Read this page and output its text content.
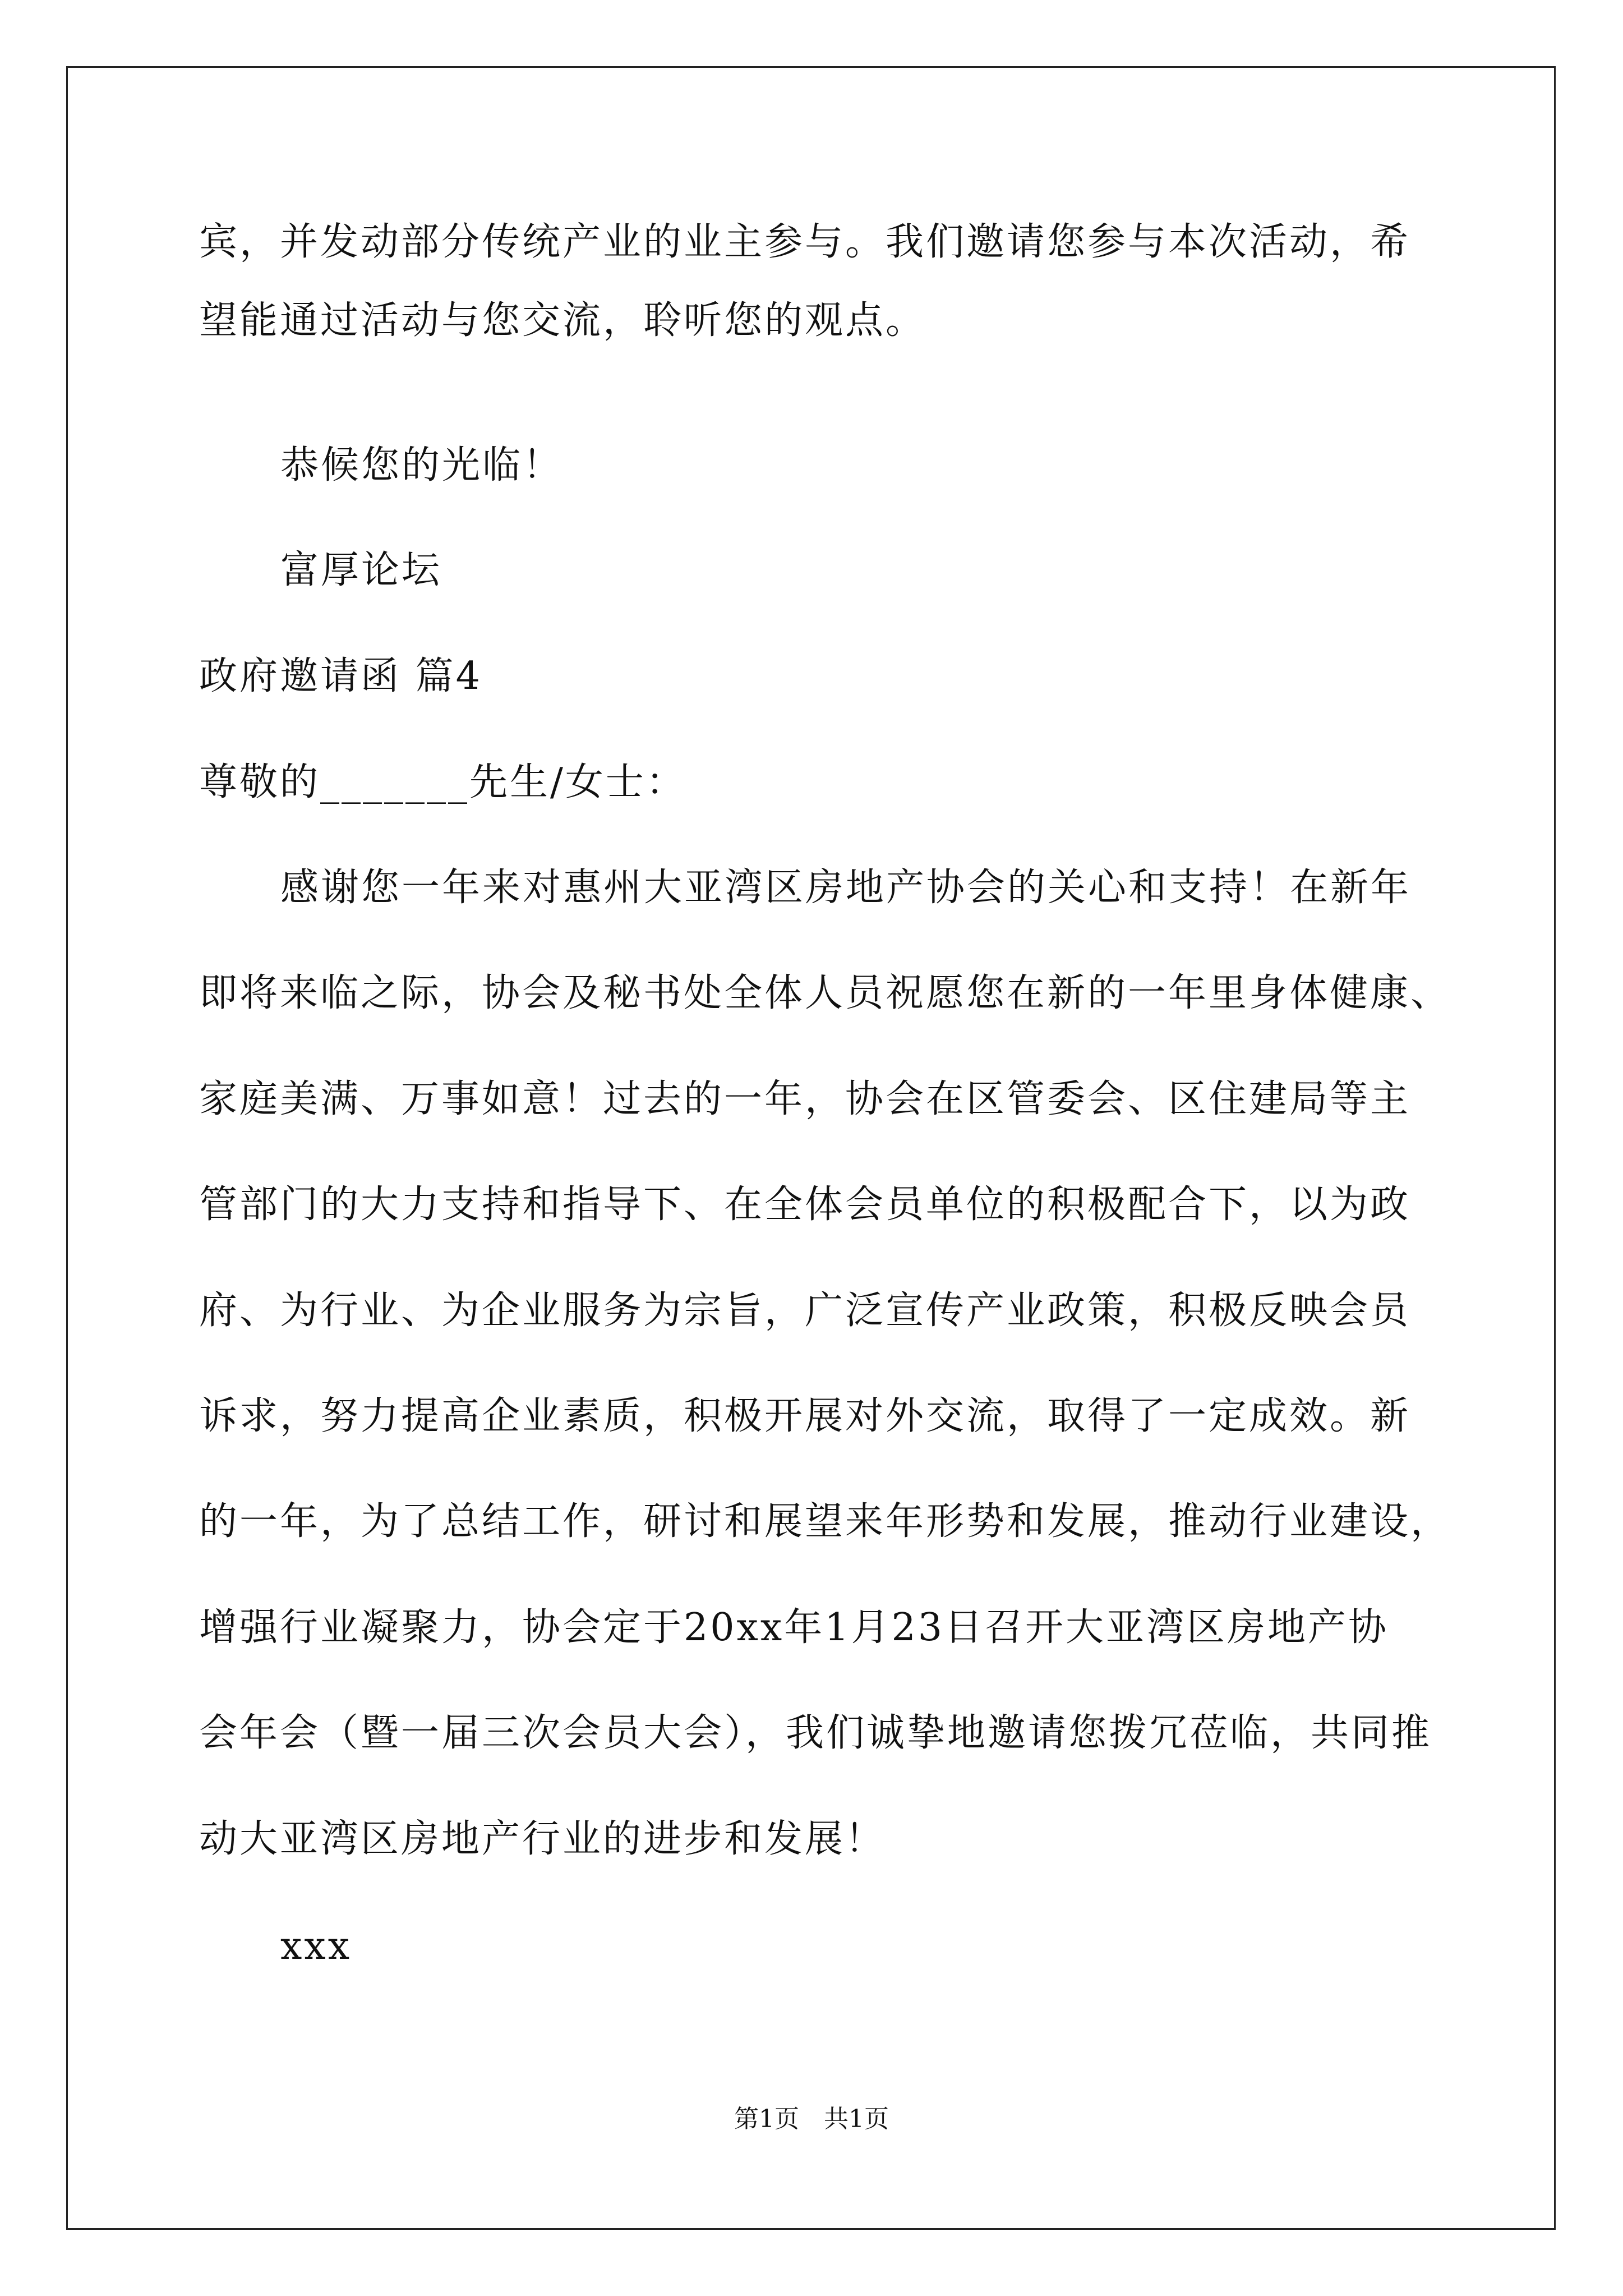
宾，并发动部分传统产业的业主参与。我们邀请您参与本次活动，希
望能通过活动与您交流，聆听您的观点。
恭候您的光临！
富厚论坛
政府邀请函 篇4
尊敬的_______先生/女士：
感谢您一年来对惠州大亚湾区房地产协会的关心和支持！在新年
即将来临之际，协会及秘书处全体人员祝愿您在新的一年里身体健康、
家庭美满、万事如意！过去的一年，协会在区管委会、区住建局等主
管部门的大力支持和指导下、在全体会员单位的积极配合下，以为政
府、为行业、为企业服务为宗旨，广泛宣传产业政策，积极反映会员
诉求，努力提高企业素质，积极开展对外交流，取得了一定成效。新
的一年，为了总结工作，研讨和展望来年形势和发展，推动行业建设，
增强行业凝聚力，协会定于20xx年1月23日召开大亚湾区房地产协
会年会（暨一届三次会员大会），我们诚挚地邀请您拨冗莅临，共同推
动大亚湾区房地产行业的进步和发展！
xxx
第1页　共1页
